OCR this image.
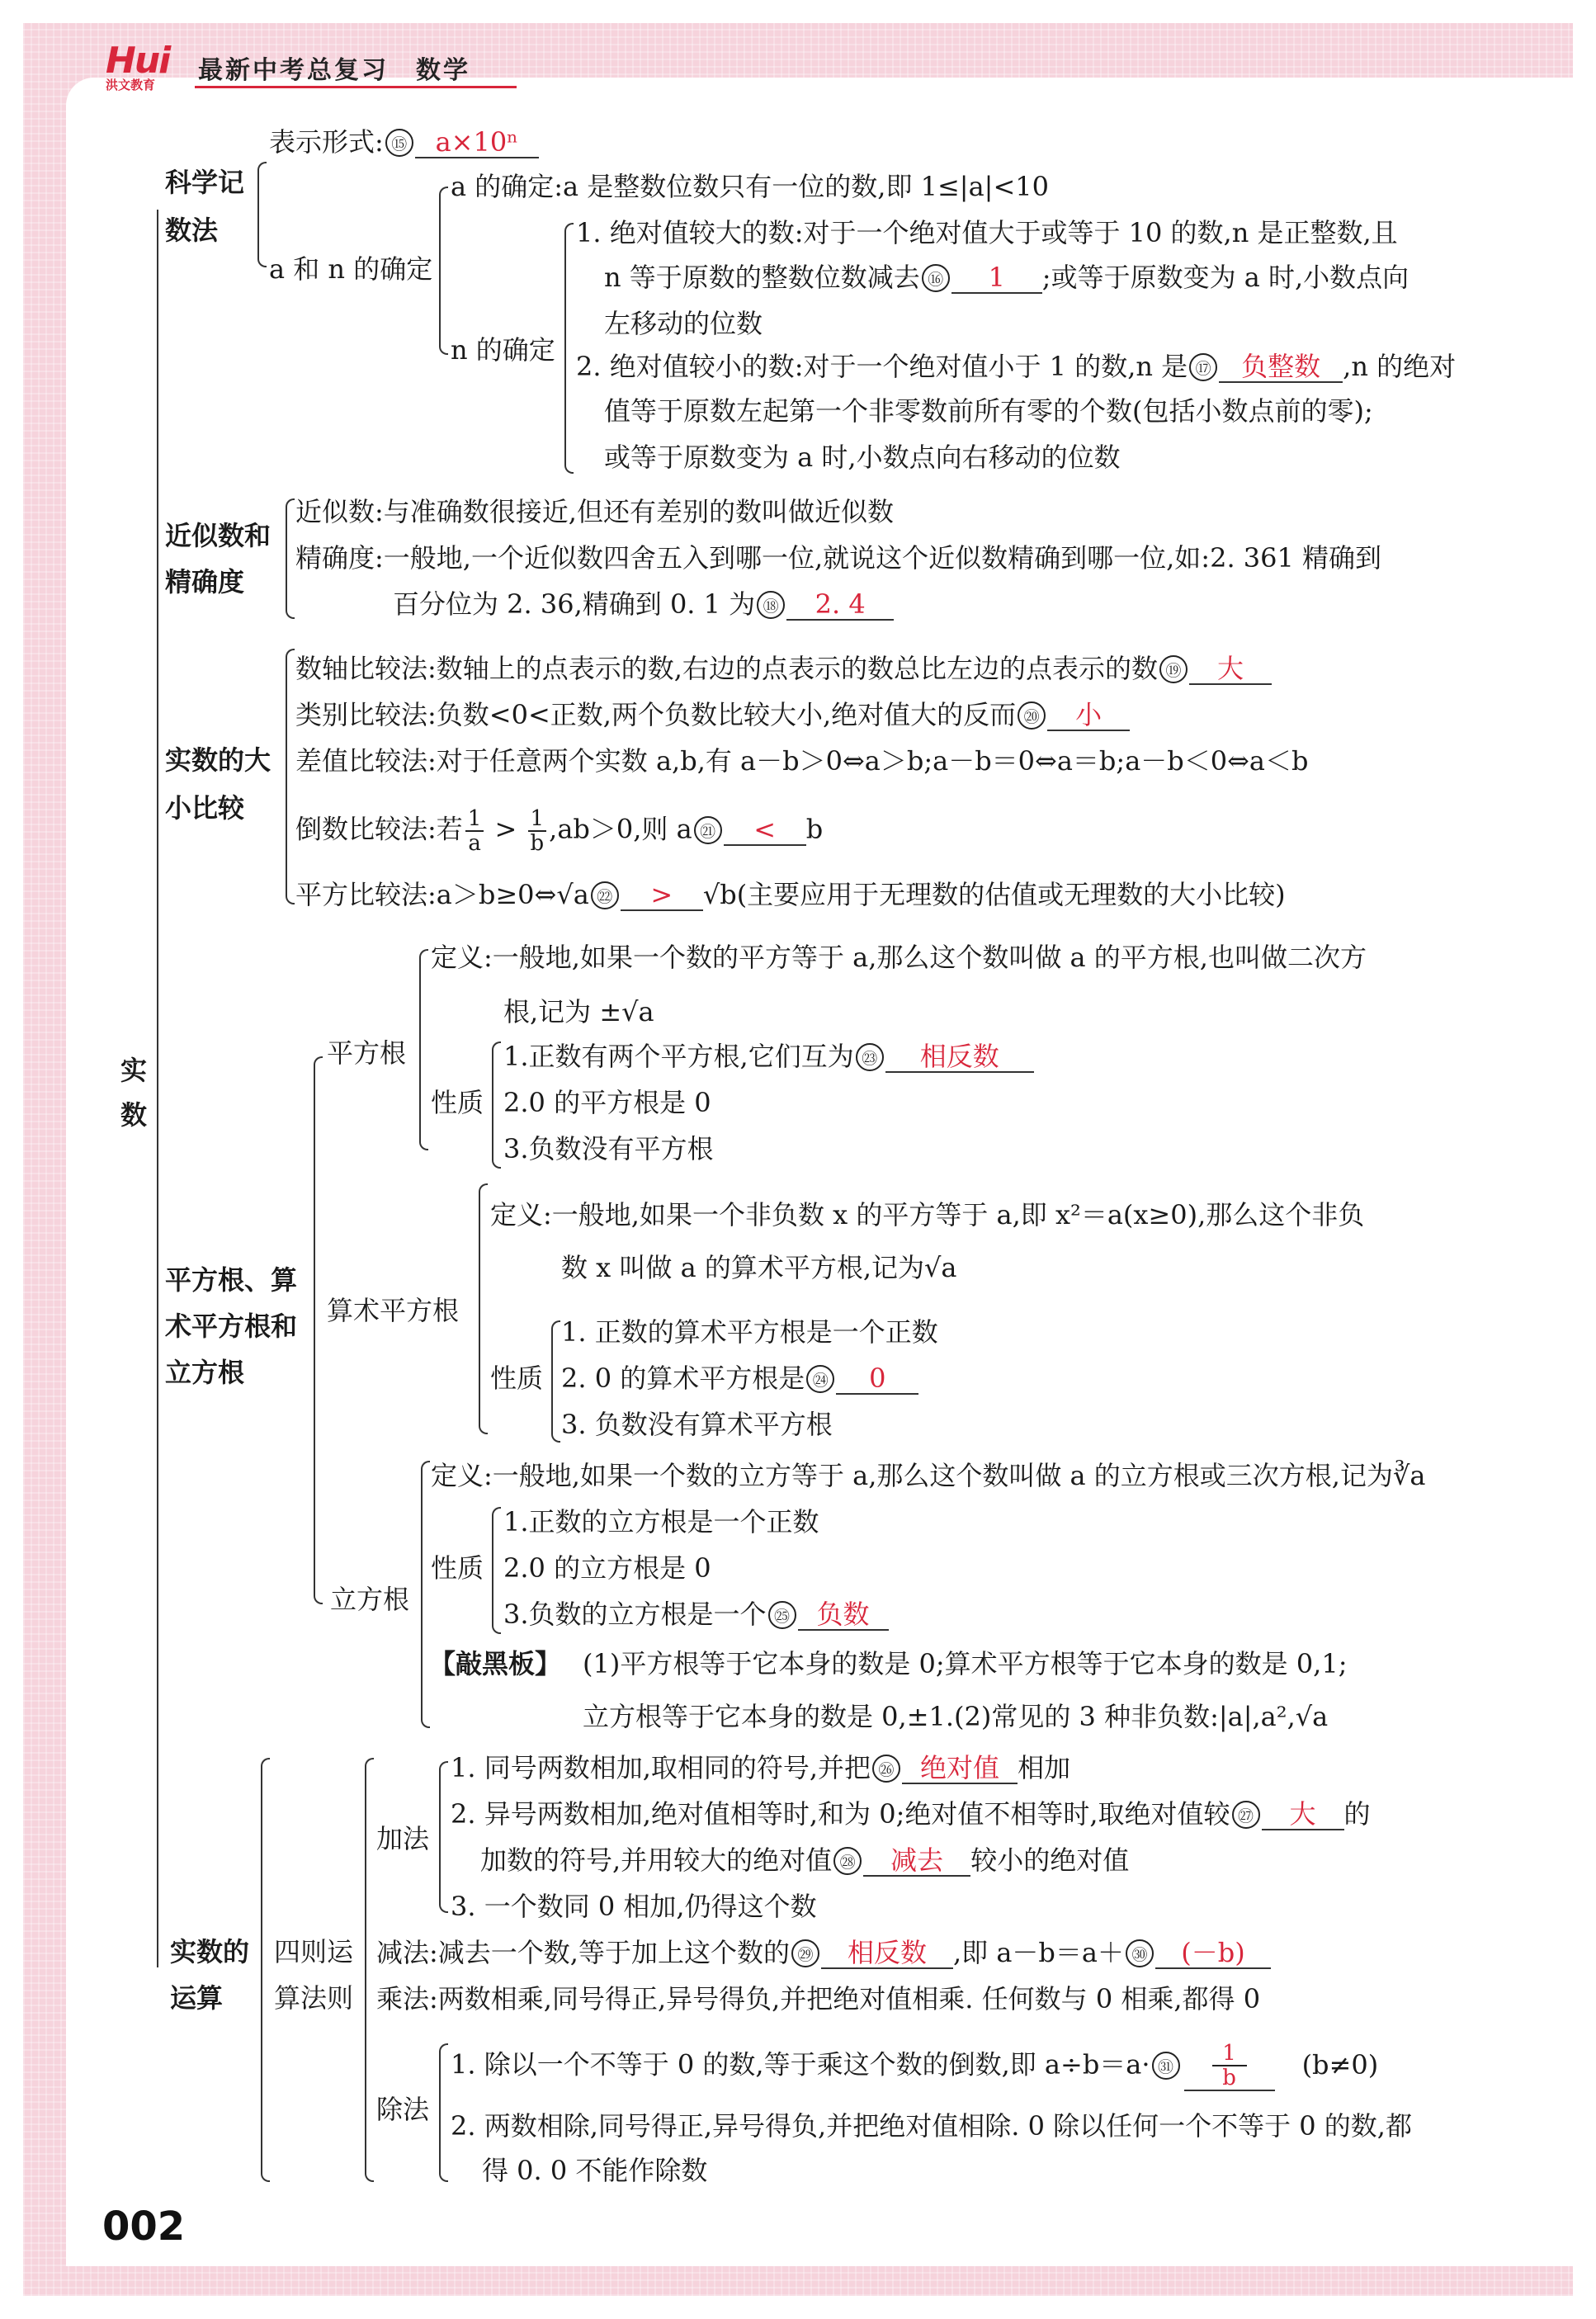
Hui
洪文教育 最新中考总复习　数学
实数
科学记
数法
表示形式: ⑮ a×10ⁿ
a 和 n 的确定
a 的确定:a 是整数位数只有一位的数,即 1≤|a|<10
n 的确定
1. 绝对值较大的数:对于一个绝对值大于或等于 10 的数,n 是正整数,且
n 等于原数的整数位数减去 ⑯ 1 ;或等于原数变为 a 时,小数点向
左移动的位数
2. 绝对值较小的数:对于一个绝对值小于 1 的数,n 是 ⑰ 负整数 ,n 的绝对
值等于原数左起第一个非零数前所有零的个数(包括小数点前的零);
或等于原数变为 a 时,小数点向右移动的位数
近似数和
精确度
近似数:与准确数很接近,但还有差别的数叫做近似数
精确度:一般地,一个近似数四舍五入到哪一位,就说这个近似数精确到哪一位,如:2. 361 精确到
百分位为 2. 36,精确到 0. 1 为 ⑱ 2. 4
实数的大
小比较
数轴比较法:数轴上的点表示的数,右边的点表示的数总比左边的点表示的数 ⑲ 大
类别比较法:负数<0<正数,两个负数比较大小,绝对值大的反而 ⑳ 小
差值比较法:对于任意两个实数 a,b,有 a－b＞0⇔a＞b;a－b＝0⇔a＝b;a－b＜0⇔a＜b
倒数比较法:若 $\frac{1}{a} > \frac{1}{b} ,ab>0$,则 a ㉑ < b
平方比较法:a＞b≥0⇔√a ㉒ > √b(主要应用于无理数的估值或无理数的大小比较)
平方根、算
术平方根和
立方根
平方根
定义:一般地,如果一个数的平方等于 a,那么这个数叫做 a 的平方根,也叫做二次方
根,记为 ±√a
性质
1.正数有两个平方根,它们互为 ㉓ 相反数
2.0 的平方根是 0
3.负数没有平方根
算术平方根
定义:一般地,如果一个非负数 x 的平方等于 a,即 x²＝a(x≥0),那么这个非负
数 x 叫做 a 的算术平方根,记为√a
性质
1. 正数的算术平方根是一个正数
2. 0 的算术平方根是 ㉔ 0
3. 负数没有算术平方根
立方根
定义:一般地,如果一个数的立方等于 a,那么这个数叫做 a 的立方根或三次方根,记为∛a
性质
1.正数的立方根是一个正数
2.0 的立方根是 0
3.负数的立方根是一个 ㉕ 负数
【敲黑板】 (1)平方根等于它本身的数是 0;算术平方根等于它本身的数是 0,1;
立方根等于它本身的数是 0,±1.(2)常见的 3 种非负数:|a|,a²,√a
实数的
运算
四则运
算法则
加法
1. 同号两数相加,取相同的符号,并把 ㉖ 绝对值 相加
2. 异号两数相加,绝对值相等时,和为 0;绝对值不相等时,取绝对值较 ㉗ 大 的
加数的符号,并用较大的绝对值 ㉘ 减去 较小的绝对值
3. 一个数同 0 相加,仍得这个数
减法:减去一个数,等于加上这个数的 ㉙ 相反数 ,即 a－b＝a＋ ㉚ (－b)
乘法:两数相乘,同号得正,异号得负,并把绝对值相乘. 任何数与 0 相乘,都得 0
除法
1. 除以一个不等于 0 的数,等于乘这个数的倒数,即 a÷b＝a· ㉛ $\frac{1}{b} (b\ne 0)$
2. 两数相除,同号得正,异号得负,并把绝对值相除. 0 除以任何一个不等于 0 的数,都
得 0. 0 不能作除数
002
